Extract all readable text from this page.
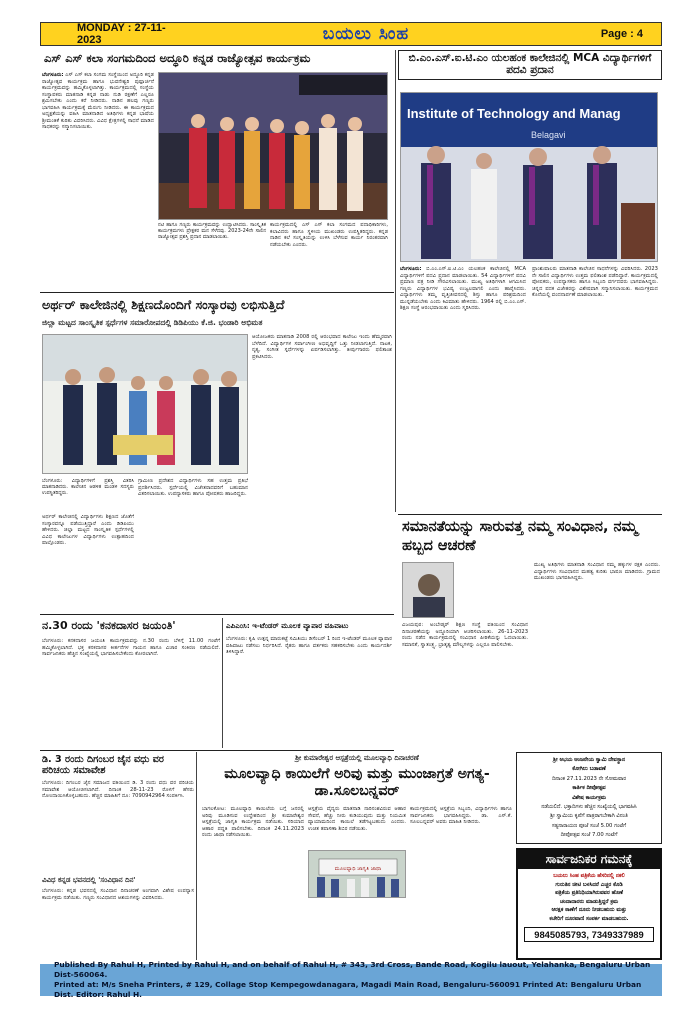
MONDAY : 27-11-2023	ಬಯಲು ಸಿಂಹ	Page : 4
ಎಸ್ ಎಸ್ ಕಲಾ ಸಂಗಮದಿಂದ ಅದ್ಧೂರಿ ಕನ್ನಡ ರಾಜ್ಯೋತ್ಸವ ಕಾರ್ಯಕ್ರಮ

ಬೆಂಗಳೂರು: ಎಸ್ ಎಸ್ ಕಲಾ ಸಂಗಮ ಸಂಸ್ಥೆಯಿಂದ ಅದ್ಧೂರಿ ಕನ್ನಡ ರಾಜ್ಯೋತ್ಸವ ಕಾರ್ಯಕ್ರಮ ಹಾಗೂ ಭುವನೇಶ್ವರಿ ಪುಷ್ಪಾರ್ಚನೆ ಕಾರ್ಯಕ್ರಮವನ್ನು ಹಮ್ಮಿಕೊಳ್ಳಲಾಗಿತ್ತು. ಕಾರ್ಯಕ್ರಮದಲ್ಲಿ ಸಂಸ್ಥೆಯ ಸಂಸ್ಥಾಪಕರು ಮಾತನಾಡಿ ಕನ್ನಡ ನಾಡು ನುಡಿ ರಕ್ಷಣೆಗೆ ಎಲ್ಲರೂ ಶ್ರಮಿಸಬೇಕು ಎಂದು ಕರೆ ನೀಡಿದರು. ನಾಡಿನ ಹಲವು ಗಣ್ಯರು ಭಾಗವಹಿಸಿ ಕಾರ್ಯಕ್ರಮಕ್ಕೆ ಮೆರುಗು ನೀಡಿದರು. ಈ ಕಾರ್ಯಕ್ರಮದ ಅಧ್ಯಕ್ಷತೆಯನ್ನು ವಹಿಸಿ ಮಾತನಾಡಿದ ಅತಿಥಿಗಳು ಕನ್ನಡ ಭಾಷೆಯ ಶ್ರೀಮಂತಿಕೆ ಕುರಿತು ವಿವರಿಸಿದರು. ವಿವಿಧ ಕ್ಷೇತ್ರಗಳಲ್ಲಿ ಸಾಧನೆ ಮಾಡಿದ ಸಾಧಕರನ್ನು ಸನ್ಮಾನಿಸಲಾಯಿತು.

ನಟಿ ಹಾಗೂ ಗಣ್ಯರು ಕಾರ್ಯಕ್ರಮವನ್ನು ಉದ್ಘಾಟಿಸಿದರು. ಸಾಂಸ್ಕೃತಿಕ ಕಾರ್ಯಕ್ರಮಗಳು ಪ್ರೇಕ್ಷಕರ ಮನ ಸೆಳೆದವು. 2023-24ನೇ ಸಾಲಿನ ರಾಜ್ಯೋತ್ಸವ ಪ್ರಶಸ್ತಿ ಪ್ರದಾನ ಮಾಡಲಾಯಿತು.

ಕಾರ್ಯಕ್ರಮದಲ್ಲಿ ಎಸ್ ಎಸ್ ಕಲಾ ಸಂಗಮದ ಪದಾಧಿಕಾರಿಗಳು, ಕಲಾವಿದರು ಹಾಗೂ ಸ್ಥಳೀಯ ಮುಖಂಡರು ಉಪಸ್ಥಿತರಿದ್ದರು. ಕನ್ನಡ ನಾಡಿನ ಕಲೆ ಸಂಸ್ಕೃತಿಯನ್ನು ಉಳಿಸಿ ಬೆಳೆಸುವ ಕಾರ್ಯ ನಿರಂತರವಾಗಿ ನಡೆಯಬೇಕು ಎಂದರು.

ಬಿ.ಎಂ.ಎಸ್.ಐ.ಟಿ.ಎಂ ಯಲಹಂಕ ಕಾಲೇಜಿನಲ್ಲಿ MCA ವಿದ್ಯಾರ್ಥಿಗಳಿಗೆ ಪದವಿ ಪ್ರದಾನ
Institute of Technology and Manag
Belagavi

ಬೆಂಗಳೂರು: ಬಿ.ಎಂ.ಎಸ್.ಐ.ಟಿ.ಎಂ ಯಲಹಂಕ ಕಾಲೇಜಿನಲ್ಲಿ MCA ವಿದ್ಯಾರ್ಥಿಗಳಿಗೆ ಪದವಿ ಪ್ರದಾನ ಮಾಡಲಾಯಿತು. 54 ವಿದ್ಯಾರ್ಥಿಗಳಿಗೆ ಪದವಿ ಪ್ರಮಾಣ ಪತ್ರ ನೀಡಿ ಗೌರವಿಸಲಾಯಿತು. ಮುಖ್ಯ ಅತಿಥಿಗಳಾಗಿ ಆಗಮಿಸಿದ ಗಣ್ಯರು ವಿದ್ಯಾರ್ಥಿಗಳ ಭವಿಷ್ಯ ಉಜ್ವಲವಾಗಲಿ ಎಂದು ಹಾರೈಸಿದರು. ವಿದ್ಯಾರ್ಥಿಗಳು ತಮ್ಮ ವೃತ್ತಿಜೀವನದಲ್ಲಿ ಶಿಸ್ತು ಹಾಗೂ ಪರಿಶ್ರಮದಿಂದ ಮುನ್ನಡೆಯಬೇಕು ಎಂದು ಕಿವಿಮಾತು ಹೇಳಿದರು. 1964 ರಲ್ಲಿ ಬಿ.ಎಂ.ಎಸ್. ಶಿಕ್ಷಣ ಸಂಸ್ಥೆ ಆರಂಭವಾಯಿತು ಎಂದು ಸ್ಮರಿಸಿದರು.

ಪ್ರಾಂಶುಪಾಲರು ಮಾತನಾಡಿ ಕಾಲೇಜಿನ ಸಾಧನೆಗಳನ್ನು ವಿವರಿಸಿದರು. 2023 ನೇ ಸಾಲಿನ ವಿದ್ಯಾರ್ಥಿಗಳು ಉತ್ತಮ ಫಲಿತಾಂಶ ಪಡೆದಿದ್ದಾರೆ. ಕಾರ್ಯಕ್ರಮದಲ್ಲಿ ಪೋಷಕರು, ಉಪನ್ಯಾಸಕರು ಹಾಗೂ ಸಿಬ್ಬಂದಿ ವರ್ಗದವರು ಭಾಗವಹಿಸಿದ್ದರು. ಚಿನ್ನದ ಪದಕ ವಿಜೇತರನ್ನು ವಿಶೇಷವಾಗಿ ಸನ್ಮಾನಿಸಲಾಯಿತು. ಕಾರ್ಯಕ್ರಮದ ಕೊನೆಯಲ್ಲಿ ವಂದನಾರ್ಪಣೆ ಮಾಡಲಾಯಿತು.

ಅರ್ಥರ್ ಕಾಲೇಜಿನಲ್ಲಿ ಶಿಕ್ಷಣದೊಂದಿಗೆ ಸಂಸ್ಕಾರವು ಲಭಿಸುತ್ತಿದೆ
ಜಿಲ್ಲಾ ಮಟ್ಟದ ಸಾಂಸ್ಕೃತಿಕ ಸ್ಪರ್ಧೆಗಳ ಸಮಾರೋಪದಲ್ಲಿ ಡಿಡಿಪಿಯು ಕೆ.ಜಿ. ಭಂಡಾರಿ ಅಭಿಮತ
ಬೆಂಗಳೂರು: ವಿದ್ಯಾರ್ಥಿಗಳಿಗೆ ಪ್ರಶಸ್ತಿ ವಿತರಿಸಿ ಮಾತನಾಡಿದರು. ಕಾಲೇಜಿನ ಆಡಳಿತ ಮಂಡಳಿ ಸದಸ್ಯರು ಉಪಸ್ಥಿತರಿದ್ದರು.

ಅರ್ಥರ್ ಕಾಲೇಜಿನಲ್ಲಿ ವಿದ್ಯಾರ್ಥಿಗಳು ಶಿಕ್ಷಣದ ಜೊತೆಗೆ ಸಂಸ್ಕಾರವನ್ನೂ ಪಡೆಯುತ್ತಿದ್ದಾರೆ ಎಂದು ಡಿಡಿಪಿಯು ಹೇಳಿದರು. ಜಿಲ್ಲಾ ಮಟ್ಟದ ಸಾಂಸ್ಕೃತಿಕ ಸ್ಪರ್ಧೆಗಳಲ್ಲಿ ವಿವಿಧ ಕಾಲೇಜುಗಳ ವಿದ್ಯಾರ್ಥಿಗಳು ಉತ್ಸಾಹದಿಂದ ಪಾಲ್ಗೊಂಡರು.

ಗ್ರಾಮೀಣ ಪ್ರದೇಶದ ವಿದ್ಯಾರ್ಥಿಗಳು ಸಹ ಉತ್ತಮ ಪ್ರತಿಭೆ ಪ್ರದರ್ಶಿಸಿದರು. ಸ್ಪರ್ಧೆಯಲ್ಲಿ ವಿಜೇತರಾದವರಿಗೆ ಬಹುಮಾನ ವಿತರಿಸಲಾಯಿತು. ಉಪನ್ಯಾಸಕರು ಹಾಗೂ ಪೋಷಕರು ಹಾಜರಿದ್ದರು.

ಆಯೋಜಕರು ಮಾತನಾಡಿ 2008 ರಲ್ಲಿ ಆರಂಭವಾದ ಕಾಲೇಜು ಇಂದು ಹೆಮ್ಮರವಾಗಿ ಬೆಳೆದಿದೆ. ವಿದ್ಯಾರ್ಥಿಗಳ ಸರ್ವಾಂಗೀಣ ಅಭಿವೃದ್ಧಿಗೆ ಒತ್ತು ನೀಡಲಾಗುತ್ತಿದೆ. ನಾಟಕ, ನೃತ್ಯ, ಸಂಗೀತ ಸ್ಪರ್ಧೆಗಳನ್ನು ಏರ್ಪಡಿಸಲಾಗಿತ್ತು. ತೀರ್ಪುಗಾರರು ಫಲಿತಾಂಶ ಪ್ರಕಟಿಸಿದರು.

ಸಮಾನತೆಯನ್ನು ಸಾರುವತ್ತ ನಮ್ಮ ಸಂವಿಧಾನ, ನಮ್ಮ ಹಬ್ಬದ ಆಚರಣೆ

ವಿಜಯಪುರ: ಅಂಬೇಡ್ಕರ್ ಶಿಕ್ಷಣ ಸಂಸ್ಥೆ ವತಿಯಿಂದ ಸಂವಿಧಾನ ದಿನಾಚರಣೆಯನ್ನು ಅದ್ದೂರಿಯಾಗಿ ಆಚರಿಸಲಾಯಿತು. 26-11-2023 ರಂದು ನಡೆದ ಕಾರ್ಯಕ್ರಮದಲ್ಲಿ ಸಂವಿಧಾನ ಪೀಠಿಕೆಯನ್ನು ಓದಲಾಯಿತು. ಸಮಾನತೆ, ಸ್ವಾತಂತ್ರ್ಯ, ಭ್ರಾತೃತ್ವ ಮೌಲ್ಯಗಳನ್ನು ಎಲ್ಲರೂ ಪಾಲಿಸಬೇಕು.

ಮುಖ್ಯ ಅತಿಥಿಗಳು ಮಾತನಾಡಿ ಸಂವಿಧಾನ ನಮ್ಮ ಹಕ್ಕುಗಳ ರಕ್ಷಕ ಎಂದರು. ವಿದ್ಯಾರ್ಥಿಗಳು ಸಂವಿಧಾನದ ಮಹತ್ವ ಕುರಿತು ಭಾಷಣ ಮಾಡಿದರು. ಗ್ರಾಮದ ಮುಖಂಡರು ಭಾಗವಹಿಸಿದ್ದರು.

ನ.30 ರಂದು 'ಕನಕದಾಸರ ಜಯಂತಿ'

ಬೆಂಗಳೂರು: ಕನಕದಾಸರ ಜಯಂತಿ ಕಾರ್ಯಕ್ರಮವನ್ನು ನ.30 ರಂದು ಬೆಳಿಗ್ಗೆ 11.00 ಗಂಟೆಗೆ ಹಮ್ಮಿಕೊಳ್ಳಲಾಗಿದೆ. ಭಕ್ತ ಕನಕದಾಸರ ಕೀರ್ತನೆಗಳ ಗಾಯನ ಹಾಗೂ ವಿಚಾರ ಸಂಕಿರಣ ನಡೆಯಲಿದೆ. ಸಾರ್ವಜನಿಕರು ಹೆಚ್ಚಿನ ಸಂಖ್ಯೆಯಲ್ಲಿ ಭಾಗವಹಿಸಬೇಕೆಂದು ಕೋರಲಾಗಿದೆ.

ಎಪಿಎಂಸಿ: ಇ-ಟೆಂಡರ್ ಮೂಲಕ ವ್ಯಾಪಾರ ವಹಿವಾಟು

ಬೆಂಗಳೂರು: ಕೃಷಿ ಉತ್ಪನ್ನ ಮಾರುಕಟ್ಟೆ ಸಮಿತಿಯು ಡಿಸೆಂಬರ್ 1 ರಿಂದ ಇ-ಟೆಂಡರ್ ಮೂಲಕ ವ್ಯಾಪಾರ ವಹಿವಾಟು ನಡೆಸಲು ನಿರ್ಧರಿಸಿದೆ. ರೈತರು ಹಾಗೂ ವರ್ತಕರು ಸಹಕರಿಸಬೇಕು ಎಂದು ಕಾರ್ಯದರ್ಶಿ ತಿಳಿಸಿದ್ದಾರೆ.

ಡಿ. 3 ರಂದು ದಿಗಂಬರ ಜೈನ ವಧು ವರ ಪರಿಚಯ ಸಮಾವೇಶ

ಬೆಂಗಳೂರು: ದಿಗಂಬರ ಜೈನ ಸಮಾಜದ ವತಿಯಿಂದ ಡಿ. 3 ರಂದು ವಧು ವರ ಪರಿಚಯ ಸಮಾವೇಶ ಆಯೋಜಿಸಲಾಗಿದೆ. ದಿನಾಂಕ 28-11-23 ರೊಳಗೆ ಹೆಸರು ನೋಂದಾಯಿಸಿಕೊಳ್ಳಬಹುದು. ಹೆಚ್ಚಿನ ಮಾಹಿತಿಗೆ ದೂ: 7090942964 ಸಂಪರ್ಕಿಸಿ.

ವಿವಿಧ ಕನ್ನಡ ಭವನದಲ್ಲಿ 'ಸಂವಿಧಾನ ದಿನ'

ಬೆಂಗಳೂರು: ಕನ್ನಡ ಭವನದಲ್ಲಿ ಸಂವಿಧಾನ ದಿನಾಚರಣೆ ಅಂಗವಾಗಿ ವಿಶೇಷ ಉಪನ್ಯಾಸ ಕಾರ್ಯಕ್ರಮ ನಡೆಯಿತು. ಗಣ್ಯರು ಸಂವಿಧಾನದ ಆಶಯಗಳನ್ನು ವಿವರಿಸಿದರು.

ಶ್ರೀ ಕುಮಾರೇಶ್ವರ ಆಸ್ಪತ್ರೆಯಲ್ಲಿ ಮೂಲವ್ಯಾಧಿ ದಿನಾಚರಣೆ
ಮೂಲವ್ಯಾಧಿ ಕಾಯಿಲೆಗೆ ಅರಿವು ಮತ್ತು ಮುಂಜಾಗ್ರತೆ ಅಗತ್ಯ- ಡಾ.ಸೂಲಬನ್ನವರ್

ಬಾಗಲಕೋಟ: ಮೂಲವ್ಯಾಧಿ ಕಾಯಿಲೆಯ ಬಗ್ಗೆ ಜನರಲ್ಲಿ ಅರಿವು ಮೂಡಿಸುವ ಉದ್ದೇಶದಿಂದ ಶ್ರೀ ಕುಮಾರೇಶ್ವರ ಆಸ್ಪತ್ರೆಯಲ್ಲಿ ಜಾಗೃತಿ ಕಾರ್ಯಕ್ರಮ ನಡೆಯಿತು. ಸರಿಯಾದ ಆಹಾರ ಪದ್ಧತಿ ಪಾಲಿಸಬೇಕು. ದಿನಾಂಕ 24.11.2023 ರಂದು ಜಾಥಾ ನಡೆಸಲಾಯಿತು.

ಆಸ್ಪತ್ರೆಯ ವೈದ್ಯರು ಮಾತನಾಡಿ ನಾರಿನಂಶವಿರುವ ಆಹಾರ ಸೇವನೆ, ಹೆಚ್ಚು ನೀರು ಕುಡಿಯುವುದು ಮತ್ತು ನಿಯಮಿತ ವ್ಯಾಯಾಮದಿಂದ ಕಾಯಿಲೆ ತಡೆಗಟ್ಟಬಹುದು ಎಂದರು. ಉಚಿತ ತಪಾಸಣಾ ಶಿಬಿರ ನಡೆಯಿತು.

ಮೂಲವ್ಯಾಧಿ ಜಾಗೃತಿ ಜಾಥಾ

ಕಾರ್ಯಕ್ರಮದಲ್ಲಿ ಆಸ್ಪತ್ರೆಯ ಸಿಬ್ಬಂದಿ, ವಿದ್ಯಾರ್ಥಿಗಳು ಹಾಗೂ ಸಾರ್ವಜನಿಕರು ಭಾಗವಹಿಸಿದ್ದರು. ಡಾ. ಎಸ್.ಕೆ. ಸೂಲಬನ್ನವರ್ ಅವರು ಮಾಹಿತಿ ನೀಡಿದರು.

ಶ್ರೀ ಅಭಯ ಆಂಜನೇಯ ಸ್ವಾಮಿ ದೇವಸ್ಥಾನ
ಕೋಗಿಲು ಬಡಾವಣೆ
ದಿನಾಂಕ 27.11.2023 ನೇ ಸೋಮವಾರ
ಕಾರ್ತಿಕ ದೀಪೋತ್ಸವ
ವಿಶೇಷ ಕಾರ್ಯಕ್ರಮ
ನಡೆಯಲಿದೆ. ಭಕ್ತಾದಿಗಳು ಹೆಚ್ಚಿನ ಸಂಖ್ಯೆಯಲ್ಲಿ ಭಾಗವಹಿಸಿ
ಶ್ರೀ ಸ್ವಾಮಿಯ ಕೃಪೆಗೆ ಪಾತ್ರರಾಗಬೇಕಾಗಿ ವಿನಂತಿ
ಸತ್ಯನಾರಾಯಣ ಪೂಜೆ ಸಂಜೆ 5.00 ಗಂಟೆಗೆ
ದೀಪೋತ್ಸವ ಸಂಜೆ 7.00 ಗಂಟೆಗೆ
ಸಾರ್ವಜನಿಕರ ಗಮನಕ್ಕೆ
ಬಯಲು ಸಿಂಹ ಪತ್ರಿಕೆಯ ಹೆಸರಿನಲ್ಲಿ ನಕಲಿ
ಗುರುತಿನ ಚೀಟಿ ಬಳಸಿದರೆ ಎಚ್ಚರ ಕೊಡಿ
ಪತ್ರಿಕೆಯ ಪ್ರತಿನಿಧಿಯಾಗಿರುವವರ ಹೊಣೆ
ಚಂದಾದಾರರು ಮಾಡುತ್ತಿದ್ದರೆ ಕ್ರಮ
ಆರಕ್ಷಕ ಠಾಣೆಗೆ ದೂರು ನೀಡಬಹುದು ಮತ್ತು
ಕಚೇರಿಗೆ ದೂರವಾಣಿ ಸಂಪರ್ಕ ಮಾಡಬಹುದು.
9845085793, 7349337989
Published By Rahul H, Printed by Rahul H, and on behalf of Rahul H, # 343, 3rd Cross, Bande Road, Kogilu lauout, Yelahanka, Bengaluru Urban Dist-560064.
Printed at: M/s Sneha Printers, # 129, Collage Stop Kempegowdanagara, Magadi Main Road, Bengaluru-560091 Printed At: Bengaluru Urban Dist. Editor: Rahul H.
